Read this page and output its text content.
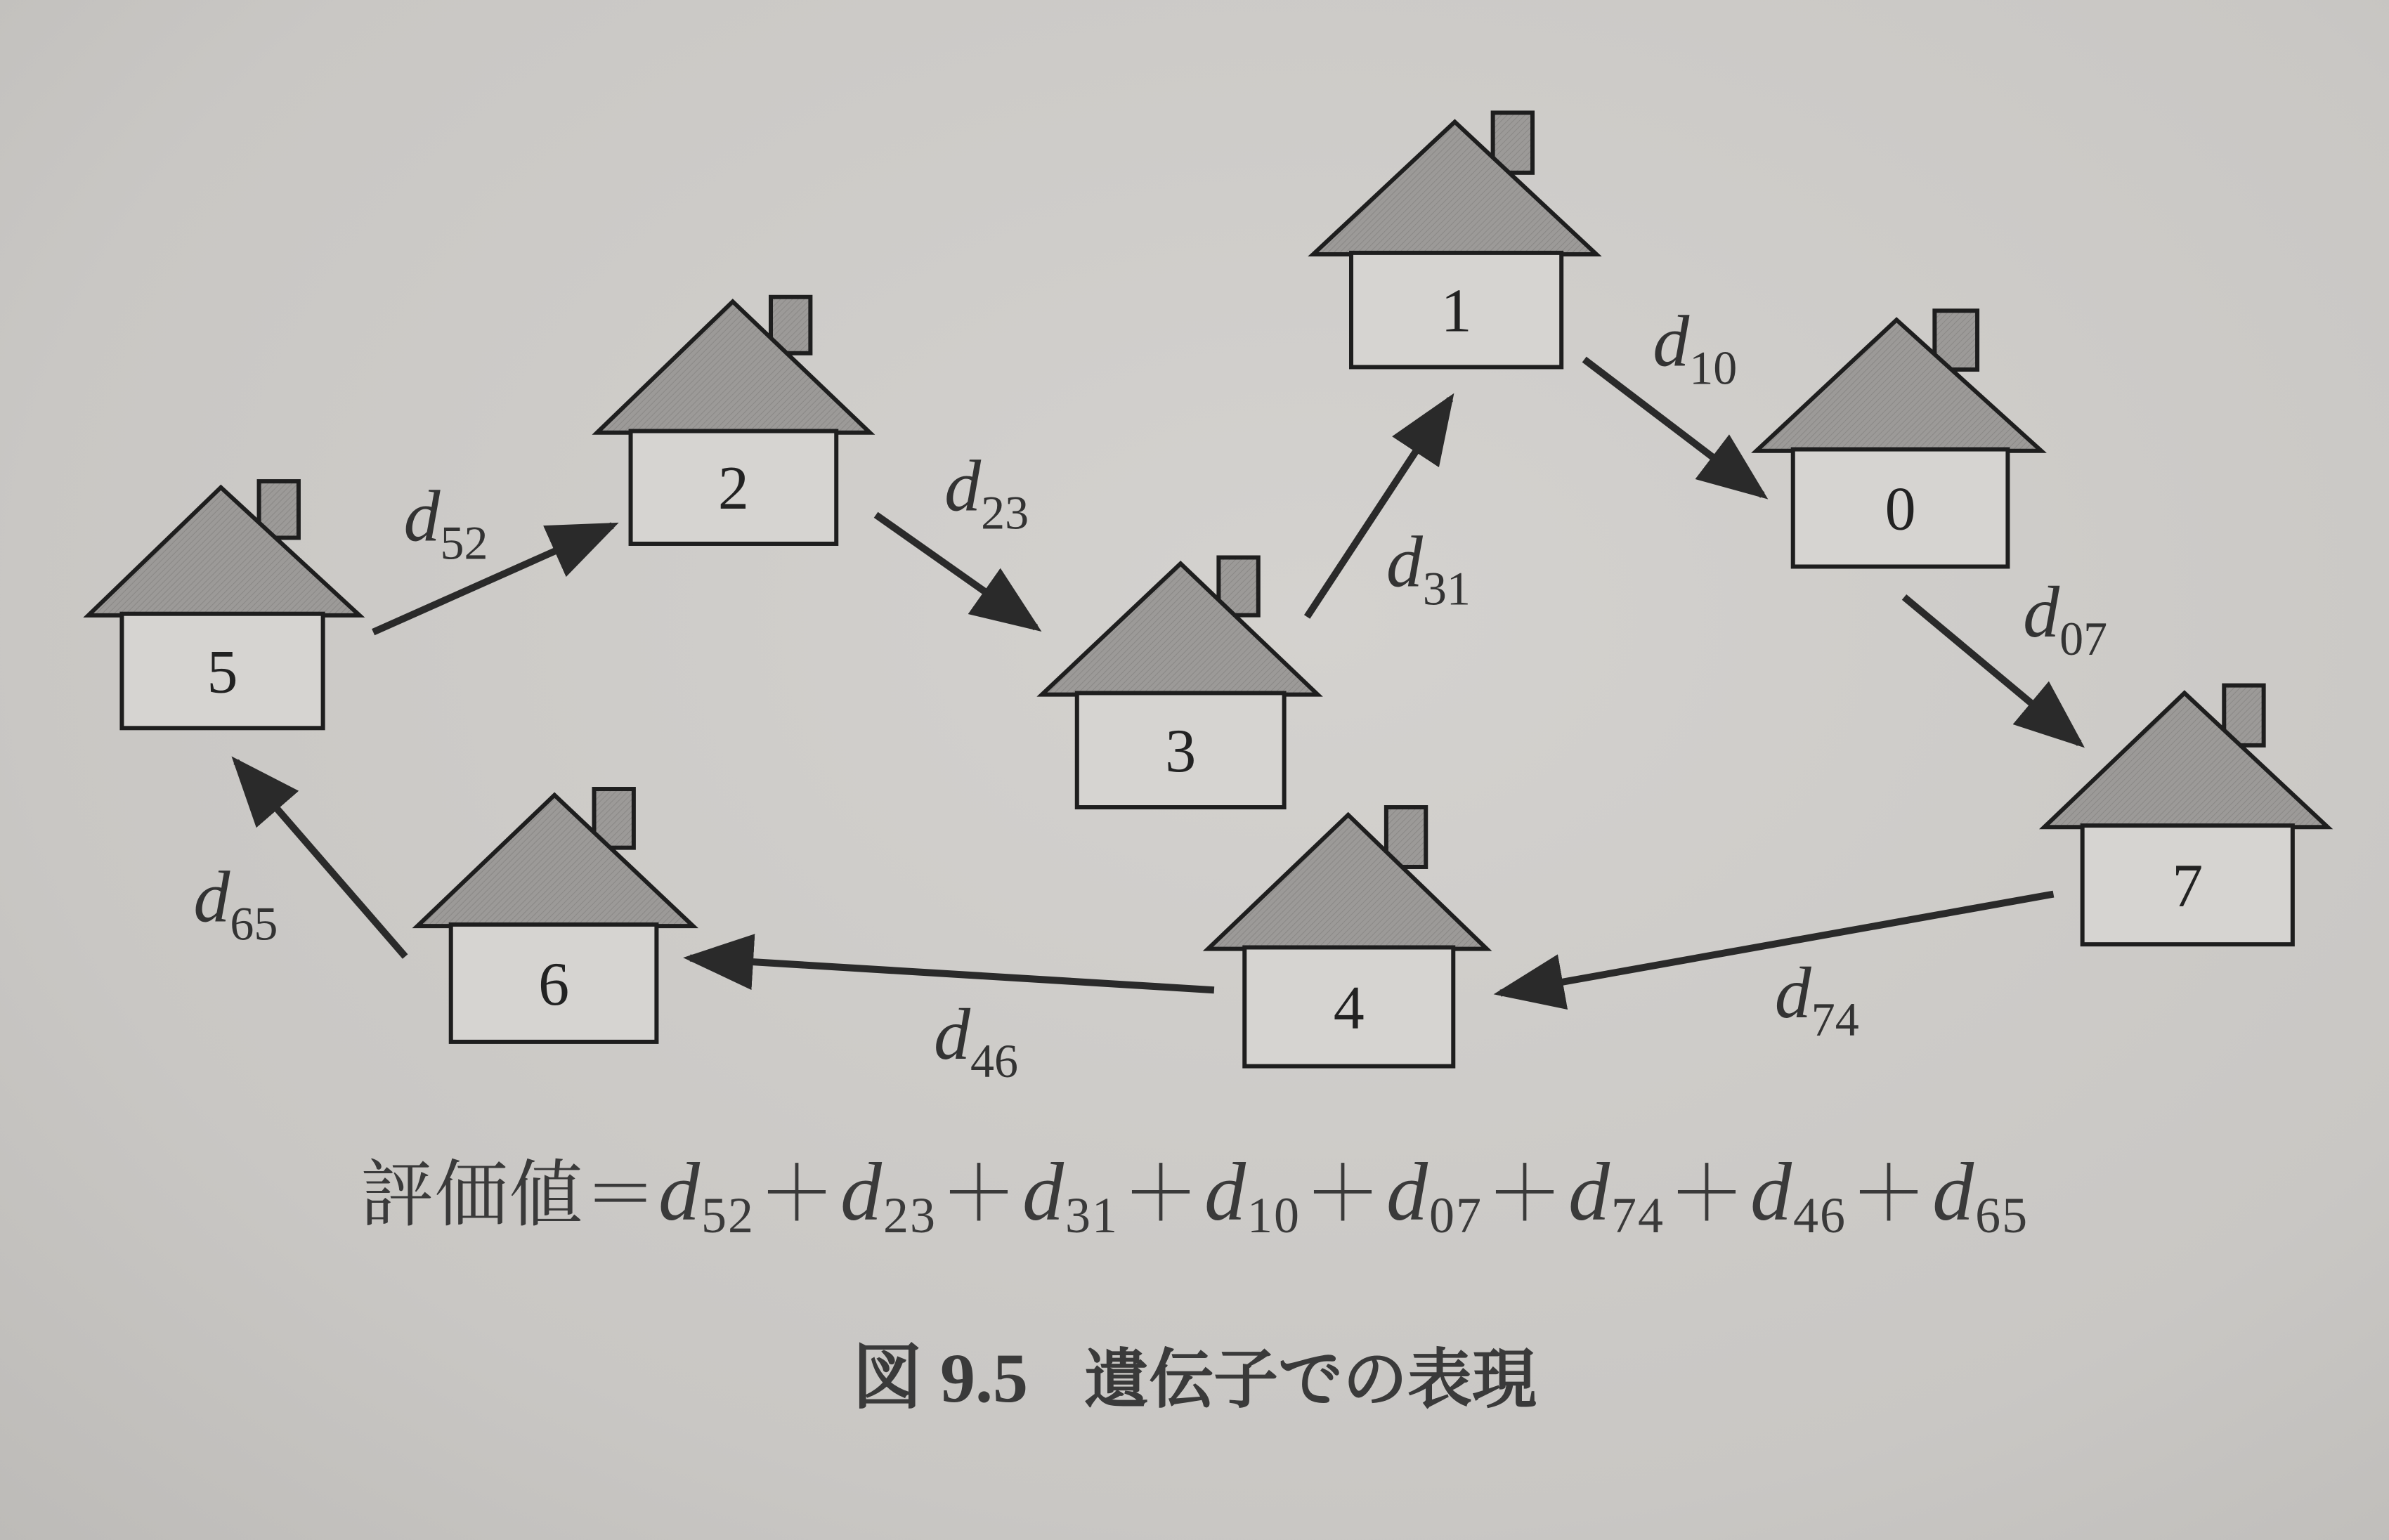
5
2
3
1
0
7
4
6
$d_{52}$
$d_{23}$
$d_{31}$
$d_{10}$
$d_{07}$
$d_{74}$
$d_{46}$
$d_{65}$
評価値$=d_{52}+d_{23}+d_{31}+d_{10}+d_{07}+d_{74}+d_{46}+d_{65}$
図 9.5 遺伝子での表現
